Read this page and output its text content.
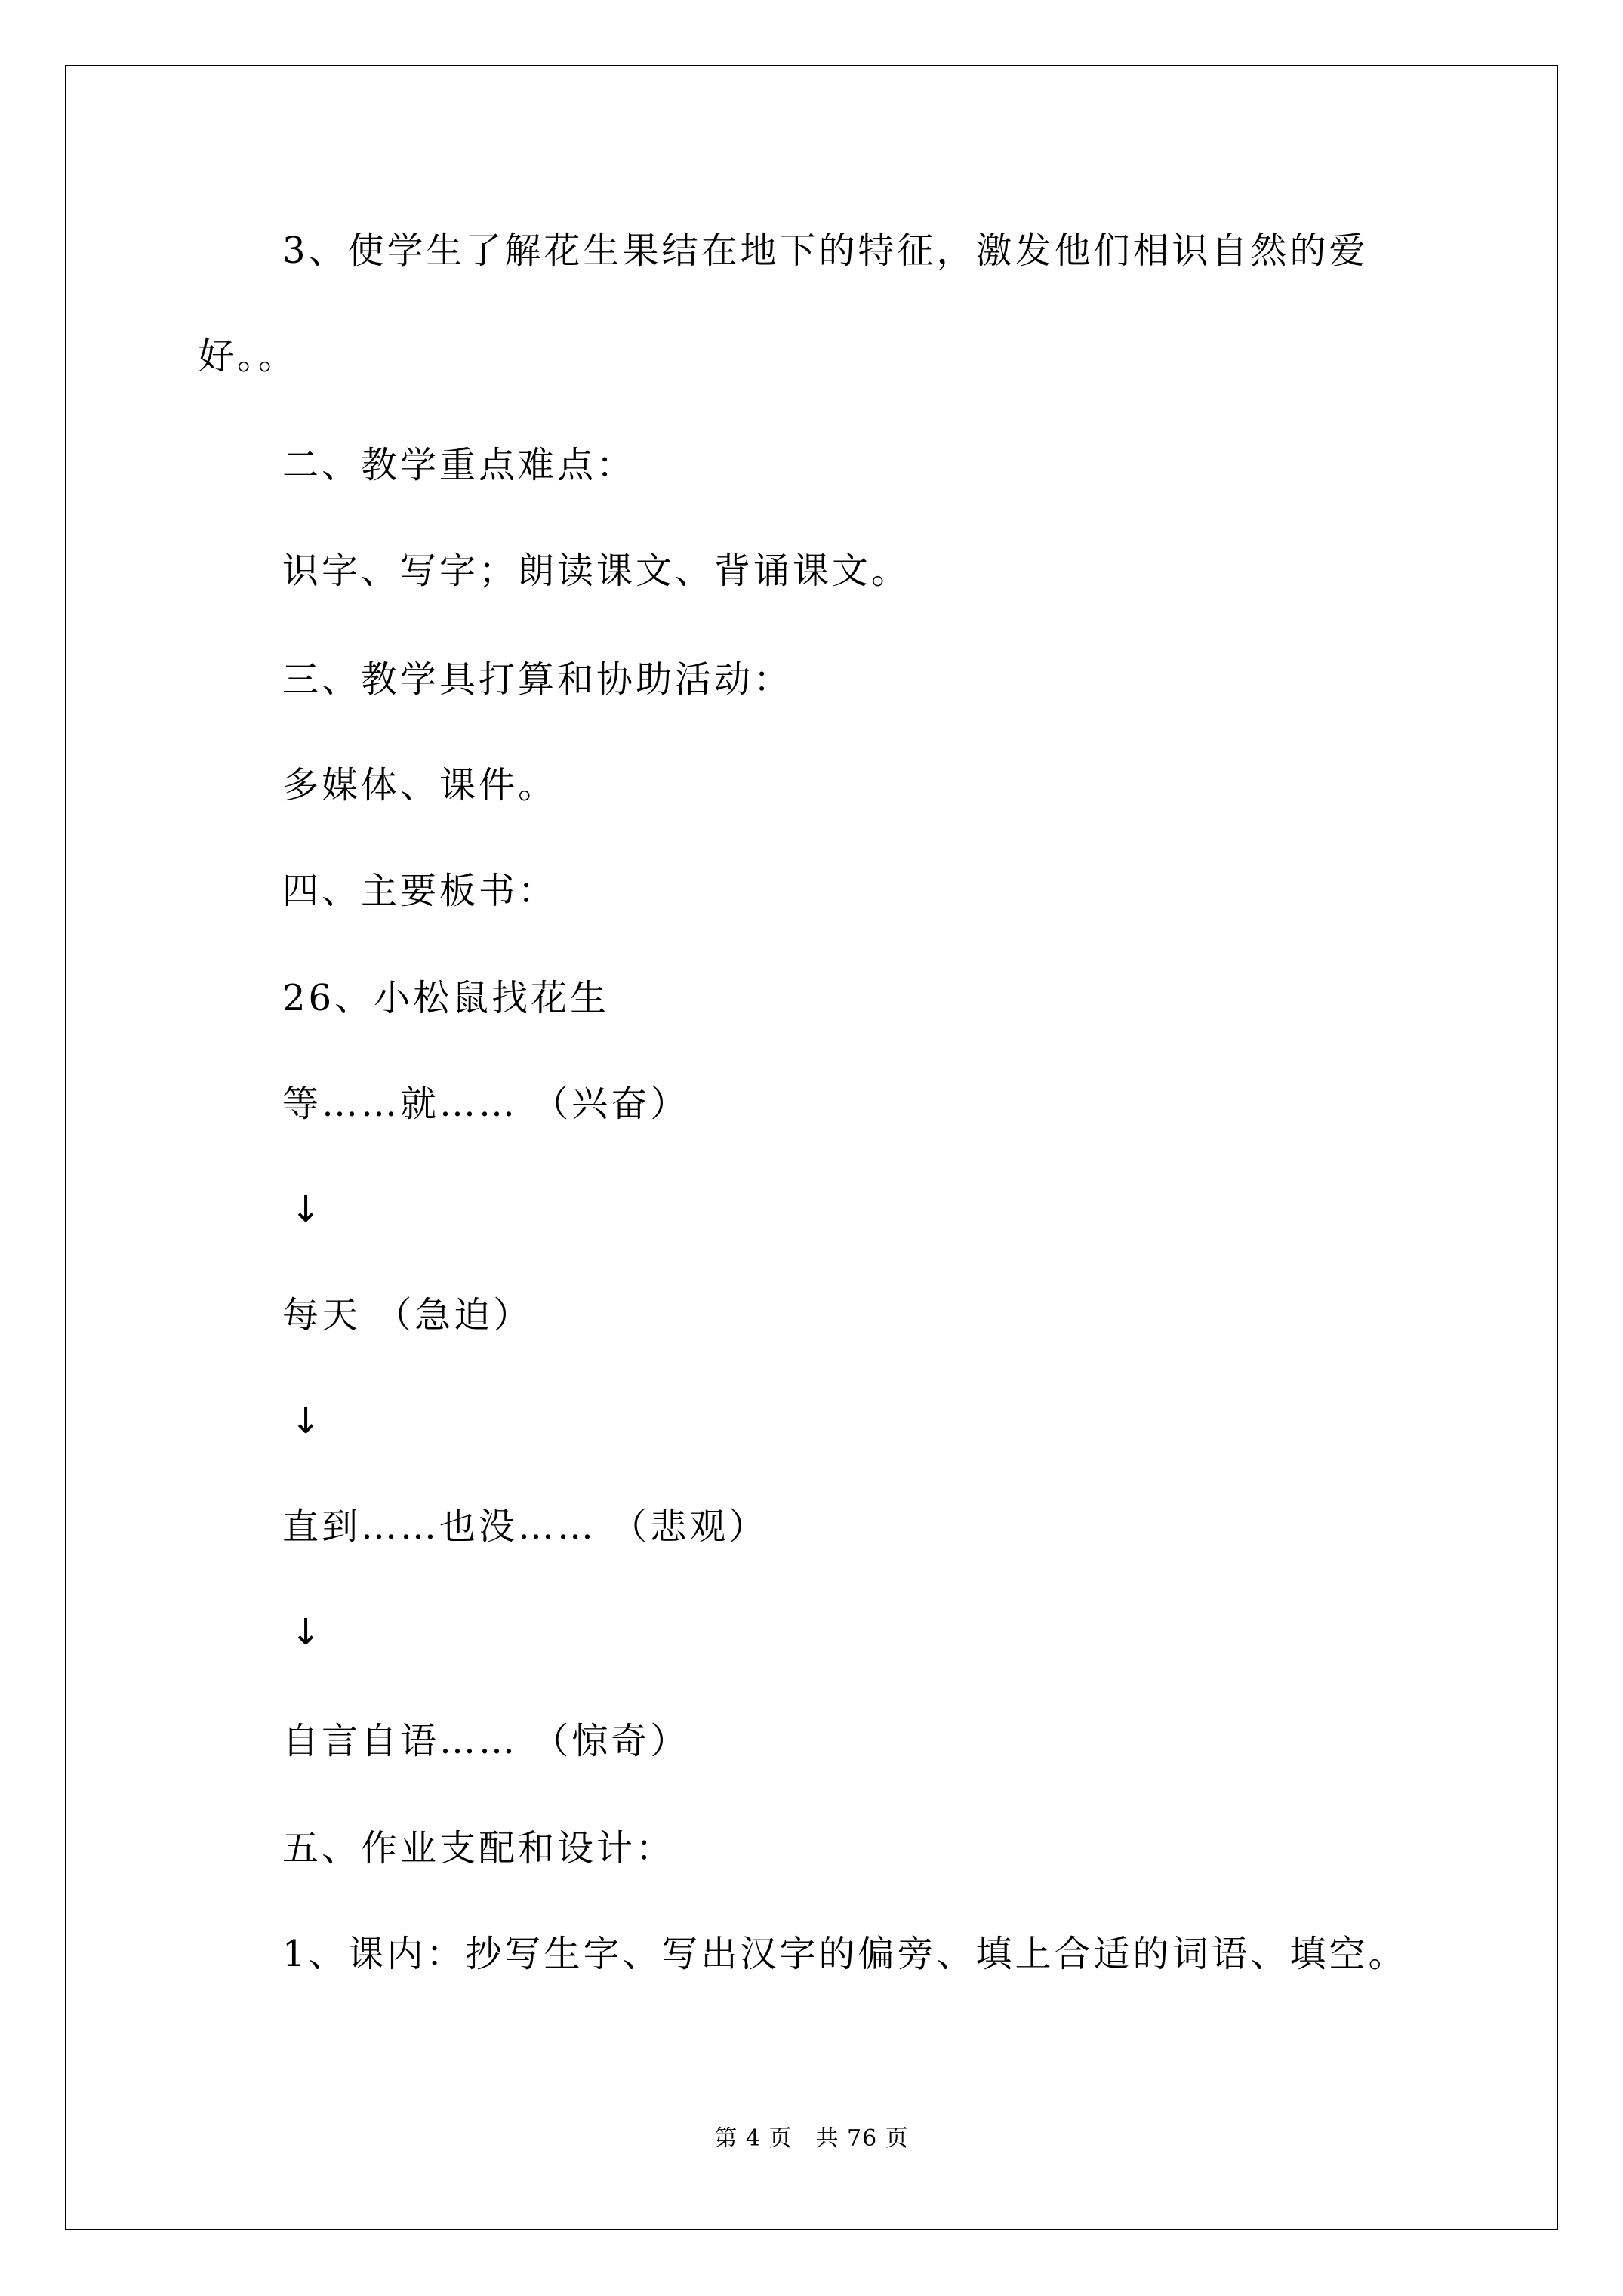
3、使学生了解花生果结在地下的特征，激发他们相识自然的爱
好。。
二、教学重点难点：
识字、写字；朗读课文、背诵课文。
三、教学具打算和协助活动：
多媒体、课件。
四、主要板书：
26、小松鼠找花生
等……就…… （兴奋）
↓
每天 （急迫）
↓
直到……也没…… （悲观）
↓
自言自语…… （惊奇）
五、作业支配和设计：
1、课内：抄写生字、写出汉字的偏旁、填上合适的词语、填空。
第 4 页　共 76 页
